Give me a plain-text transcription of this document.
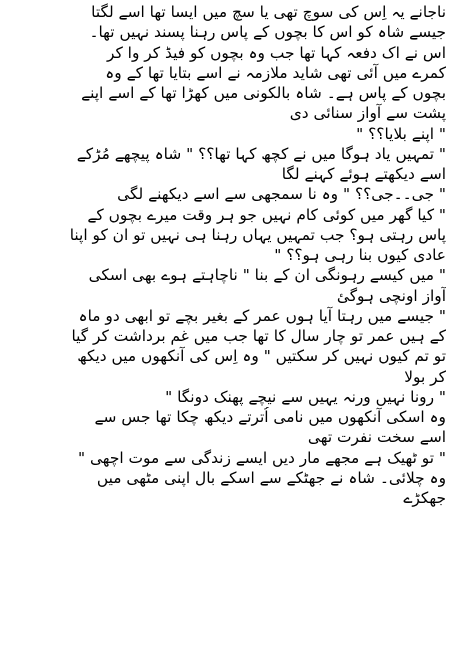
ناجانے یہ اِس کی سوچ تھی یا سچ میں ایسا تھا اسے لگتا
جیسے شاہ کو اس کا بچوں کے پاس رہنا پسند نہیں تھا۔
اس نے اک دفعہ کہا تھا جب وہ بچوں کو فیڈ کر وا کر
کمرے میں آئی تھی شاید ملازمہ نے اسے بتایا تھا کے وہ
بچوں کے پاس ہے۔ شاہ بالکونی میں کھڑا تھا کے اسے اپنے
پشت سے آواز سنائی دی
" اپنے بلایا؟؟ "
" تمہیں یاد ہوگا میں نے کچھ کہا تھا؟؟ " شاہ پیچھے مُڑکے
اسے دیکھتے ہوئے کہنے لگا
" جی۔۔جی؟؟ " وہ نا سمجھی سے اسے دیکھنے لگی
" کیا گھر میں کوئی کام نہیں جو ہر وقت میرے بچوں کے
پاس رہتی ہو؟ جب تمہیں یہاں رہنا ہی نہیں تو ان کو اپنا
عادی کیوں بنا رہی ہو؟؟ "
" میں کیسے رہونگی ان کے بنا " ناچاہتے ہوے بھی اسکی
آواز اونچی ہوگئ
" جیسے میں رہتا آیا ہوں عمر کے بغیر بچے تو ابھی دو ماہ
کے ہیں عمر تو چار سال کا تھا جب میں غم برداشت کر گیا
تو تم کیوں نہیں کر سکتیں " وہ اِس کی آنکھوں میں دیکھ
کر بولا
" رونا نہیں ورنہ یہیں سے نیچے پھنک دونگا "
وہ اسکی آنکھوں میں نامی اُترتے دیکھ چکا تھا جس سے
اسے سخت نفرت تھی
" تو ٹھیک ہے مجھے مار دیں ایسے زندگی سے موت اچھی "
وہ چلائی۔ شاہ نے جھٹکے سے اسکے بال اپنی مٹھی میں
جھکڑے
